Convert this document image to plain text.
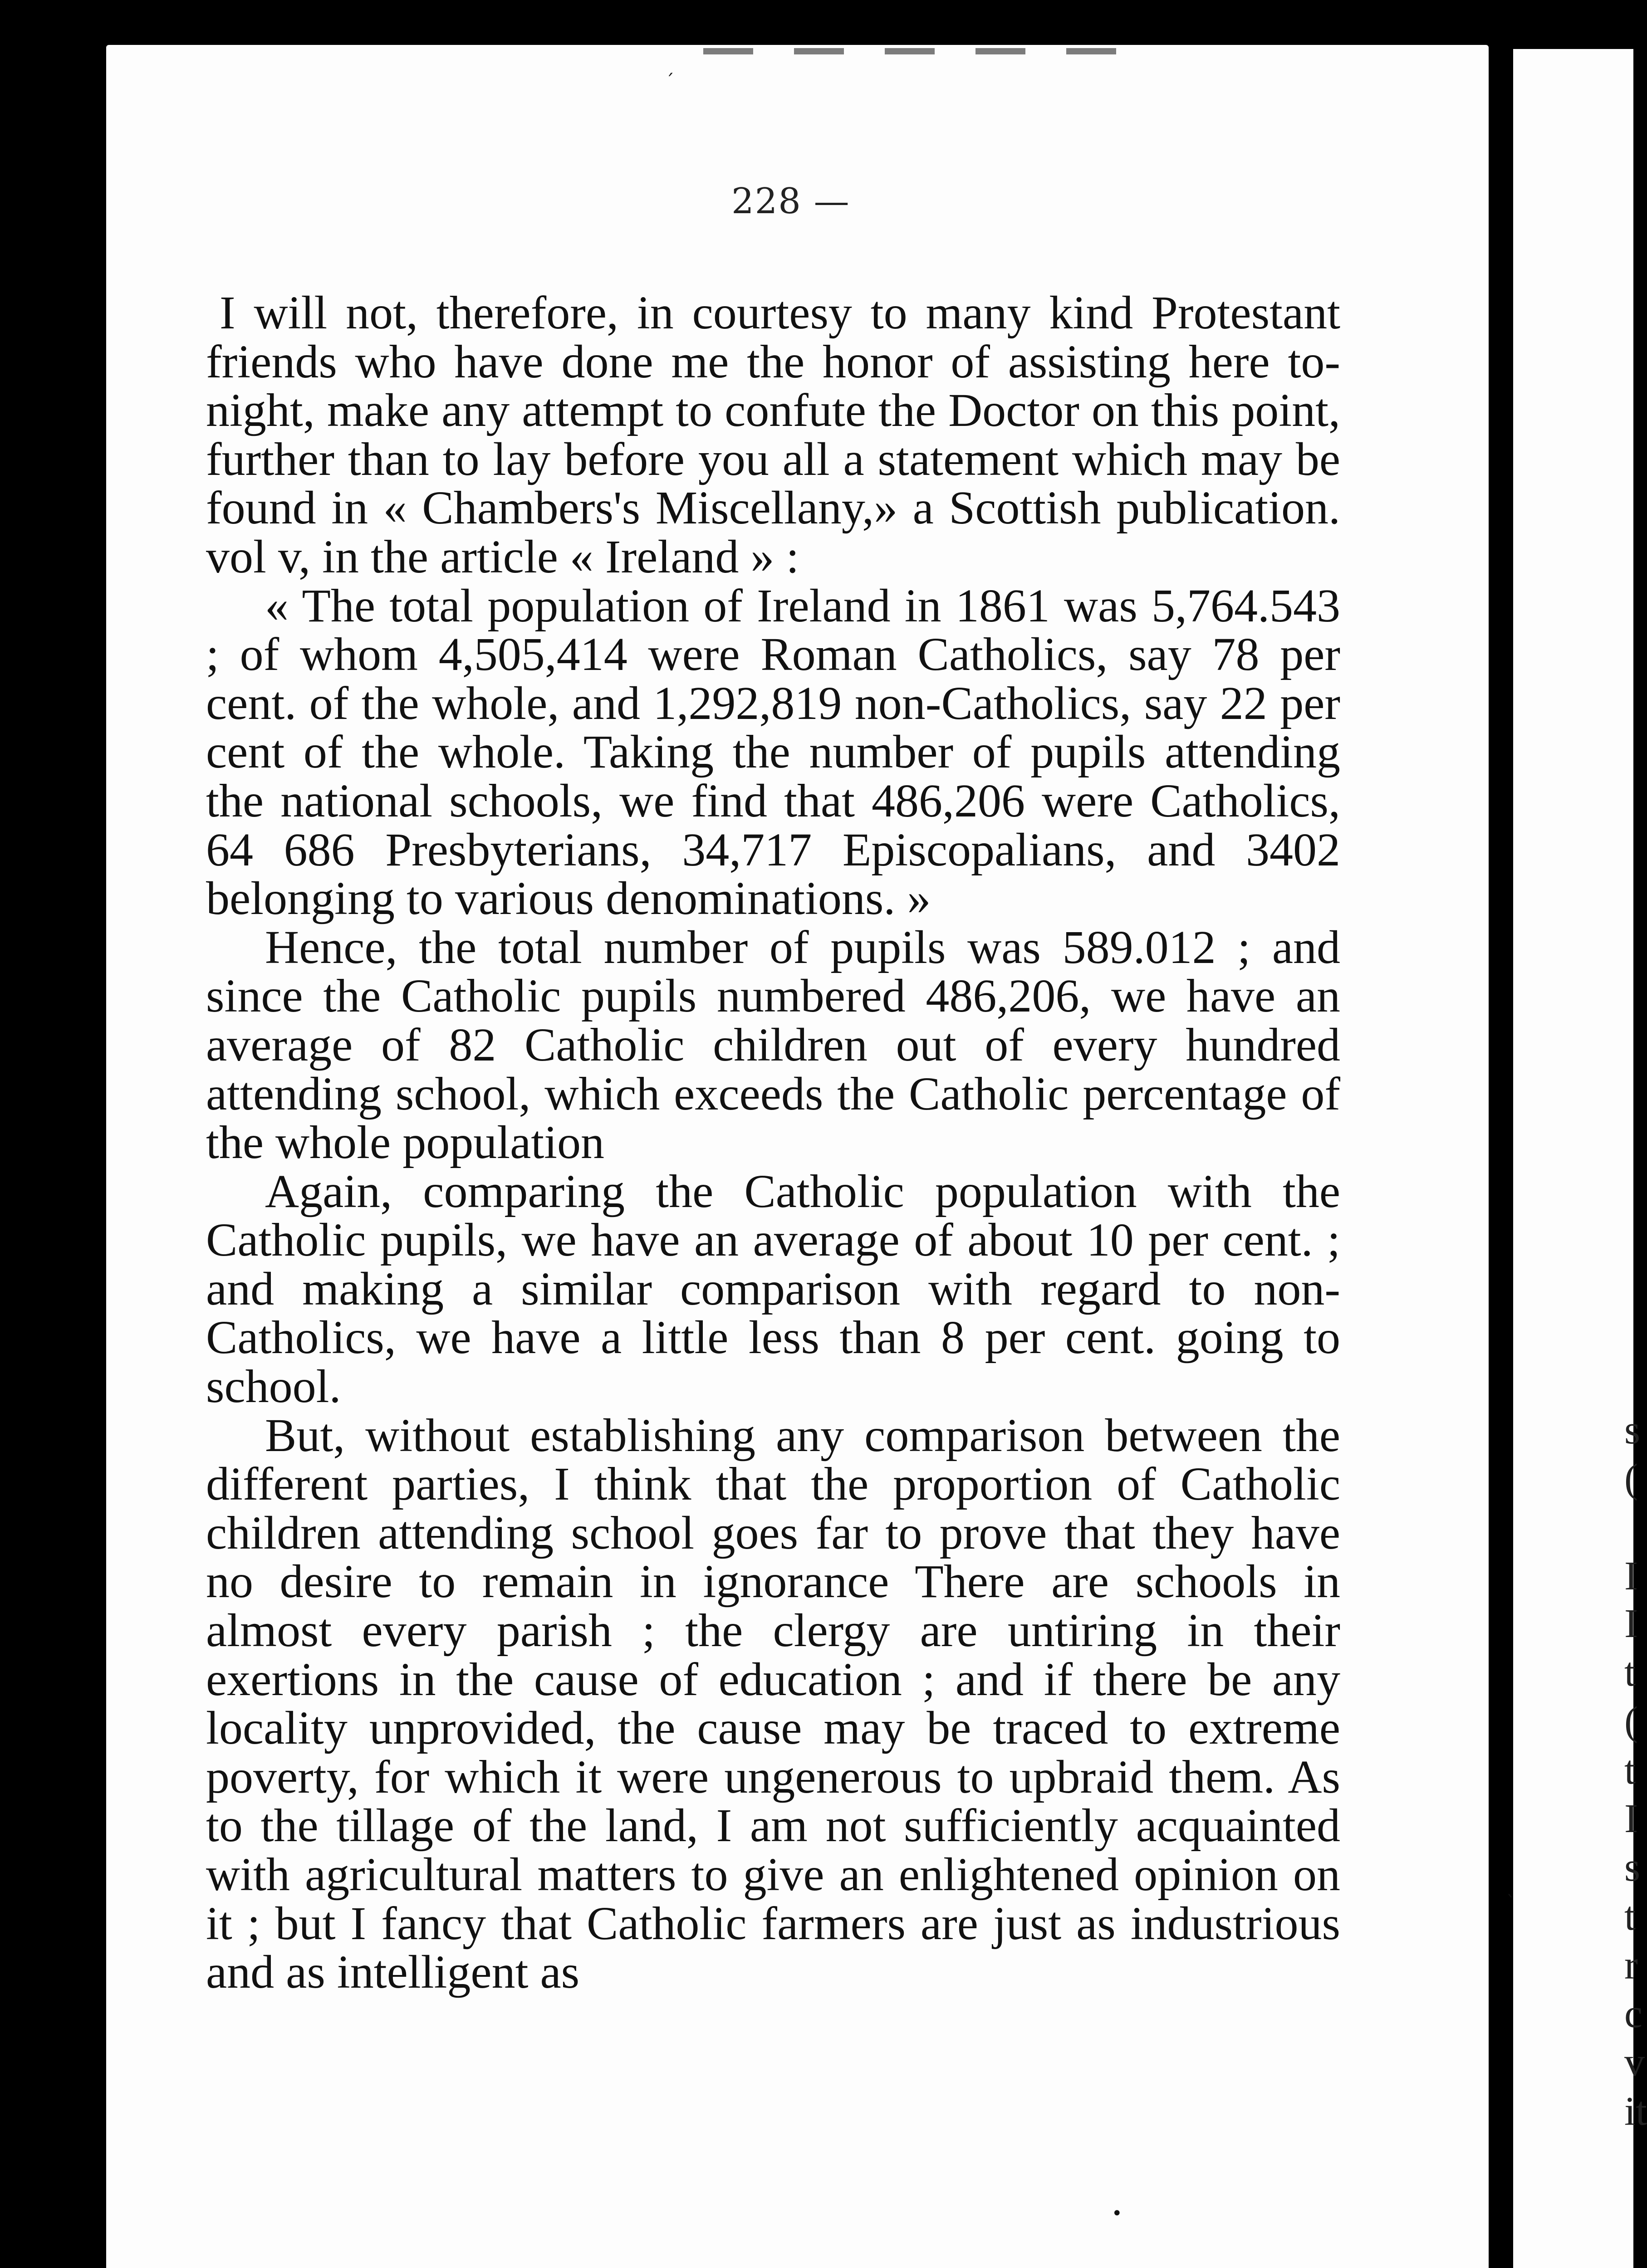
228 —

I will not, therefore, in courtesy to many kind Protestant friends who have done me the honor of assisting here to-night, make any attempt to confute the Doctor on this point, further than to lay before you all a statement which may be found in « Chambers's Miscellany,» a Scottish publication. vol v, in the article « Ireland » :

« The total population of Ireland in 1861 was 5,764.543 ; of whom 4,505,414 were Roman Catholics, say 78 per cent. of the whole, and 1,292,819 non-Catholics, say 22 per cent of the whole. Taking the number of pupils attending the national schools, we find that 486,206 were Catholics, 64 686 Presbyterians, 34,717 Episcopalians, and 3402 belonging to various denominations. »

Hence, the total number of pupils was 589.012 ; and since the Catholic pupils numbered 486,206, we have an average of 82 Catholic children out of every hundred attending school, which exceeds the Catholic percentage of the whole population

Again, comparing the Catholic population with the Catholic pupils, we have an average of about 10 per cent. ; and making a similar comparison with regard to non-Catholics, we have a little less than 8 per cent. going to school.

But, without establishing any comparison between the different parties, I think that the proportion of Catholic children attending school goes far to prove that they have no desire to remain in ignorance There are schools in almost every parish ; the clergy are untiring in their exertions in the cause of education ; and if there be any locality unprovided, the cause may be traced to extreme poverty, for which it were ungenerous to upbraid them. As to the tillage of the land, I am not sufficiently acquainted with agricultural matters to give an enlightened opinion on it ; but I fancy that Catholic farmers are just as industrious and as intelligent as

s
(
I
I
t
(
t
I
s
t
r
c
v
it
ˊ
ˋ
•
